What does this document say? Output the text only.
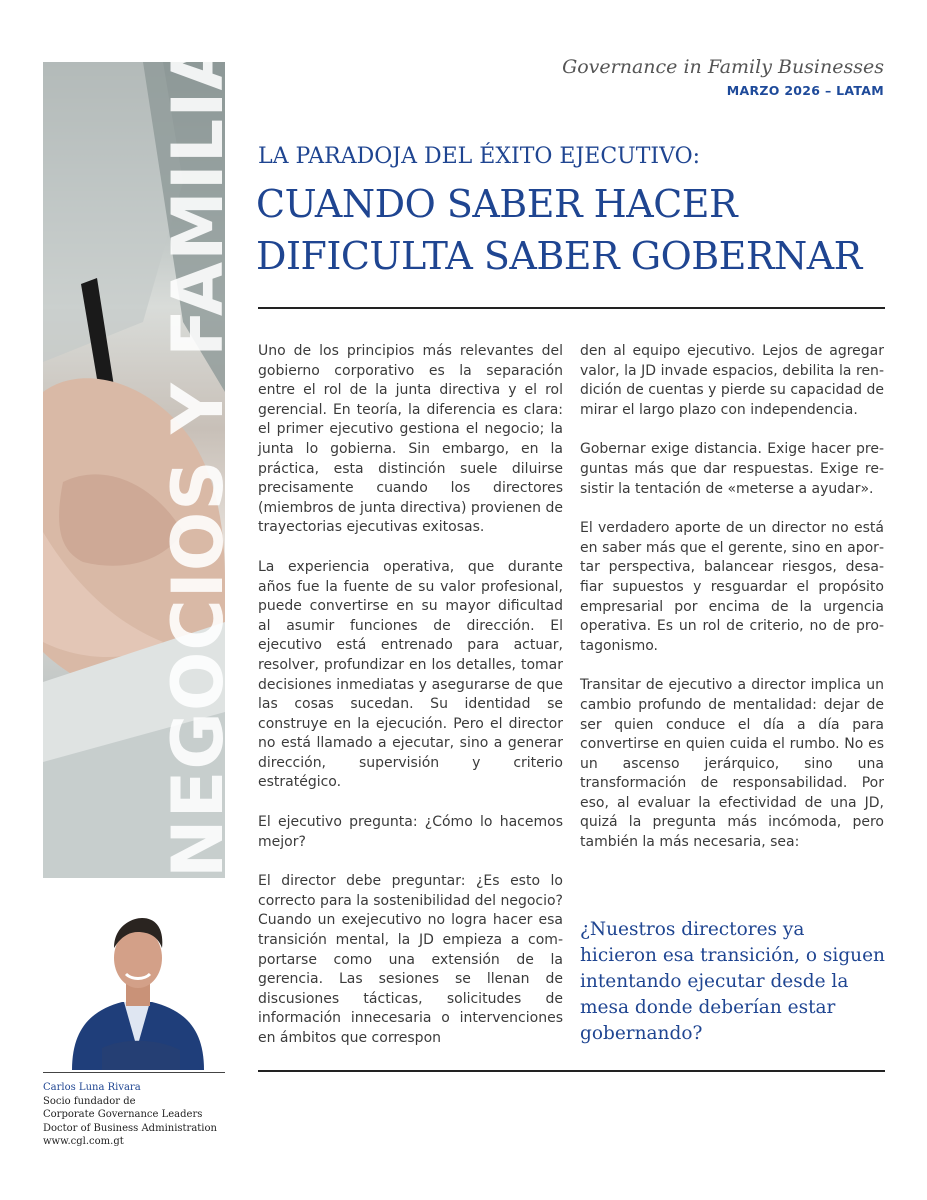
NEGOCIOS Y FAMILIA	Governance in Family Businesses
MARZO 2026 – LATAM
LA PARADOJA DEL ÉXITO EJECUTIVO:
CUANDO SABER HACER
DIFICULTA SABER GOBERNAR

Uno de los principios más relevantes del gobierno corporativo es la separación entre el rol de la junta directiva y el rol gerencial. En teoría, la diferencia es clara: el primer ejecutivo gestiona el negocio; la junta lo gobierna. Sin embargo, en la práctica, esta distinción suele diluirse precisamente cuando los directores (miembros de junta directiva) provienen de trayectorias ejecutivas exitosas.

La experiencia operativa, que durante años fue la fuente de su valor profesional, puede convertirse en su mayor dificultad al asumir funciones de dirección. El ejecutivo está entrenado para actuar, resolver, profundizar en los detalles, tomar decisiones inmediatas y asegurarse de que las cosas sucedan. Su identidad se construye en la ejecución. Pero el director no está llamado a ejecutar, sino a generar dirección, supervisión y criterio estratégico.

El ejecutivo pregunta: ¿Cómo lo hacemos mejor?

El director debe preguntar: ¿Es esto lo correcto para la sostenibilidad del negocio? Cuando un exejecutivo no logra hacer esa transición mental, la JD empieza a comportarse como una extensión de la gerencia. Las sesiones se llenan de discusiones tácticas, solicitudes de información innecesaria o intervenciones en ámbitos que correspon

den al equipo ejecutivo. Lejos de agregar valor, la JD invade espacios, debilita la rendición de cuentas y pierde su capacidad de mirar el largo plazo con independencia.

Gobernar exige distancia. Exige hacer preguntas más que dar respuestas. Exige resistir la tentación de «meterse a ayudar».

El verdadero aporte de un director no está en saber más que el gerente, sino en aportar perspectiva, balancear riesgos, desafiar supuestos y resguardar el propósito empresarial por encima de la urgencia operativa. Es un rol de criterio, no de protagonismo.

Transitar de ejecutivo a director implica un cambio profundo de mentalidad: dejar de ser quien conduce el día a día para convertirse en quien cuida el rumbo. No es un ascenso jerárquico, sino una transformación de responsabilidad. Por eso, al evaluar la efectividad de una JD, quizá la pregunta más incómoda, pero también la más necesaria, sea:

¿Nuestros directores ya hicieron esa transición, o siguen intentando ejecutar desde la mesa donde deberían estar gobernando?
Carlos Luna Rivara
Socio fundador de
Corporate Governance Leaders
Doctor of Business Administration
www.cgl.com.gt
